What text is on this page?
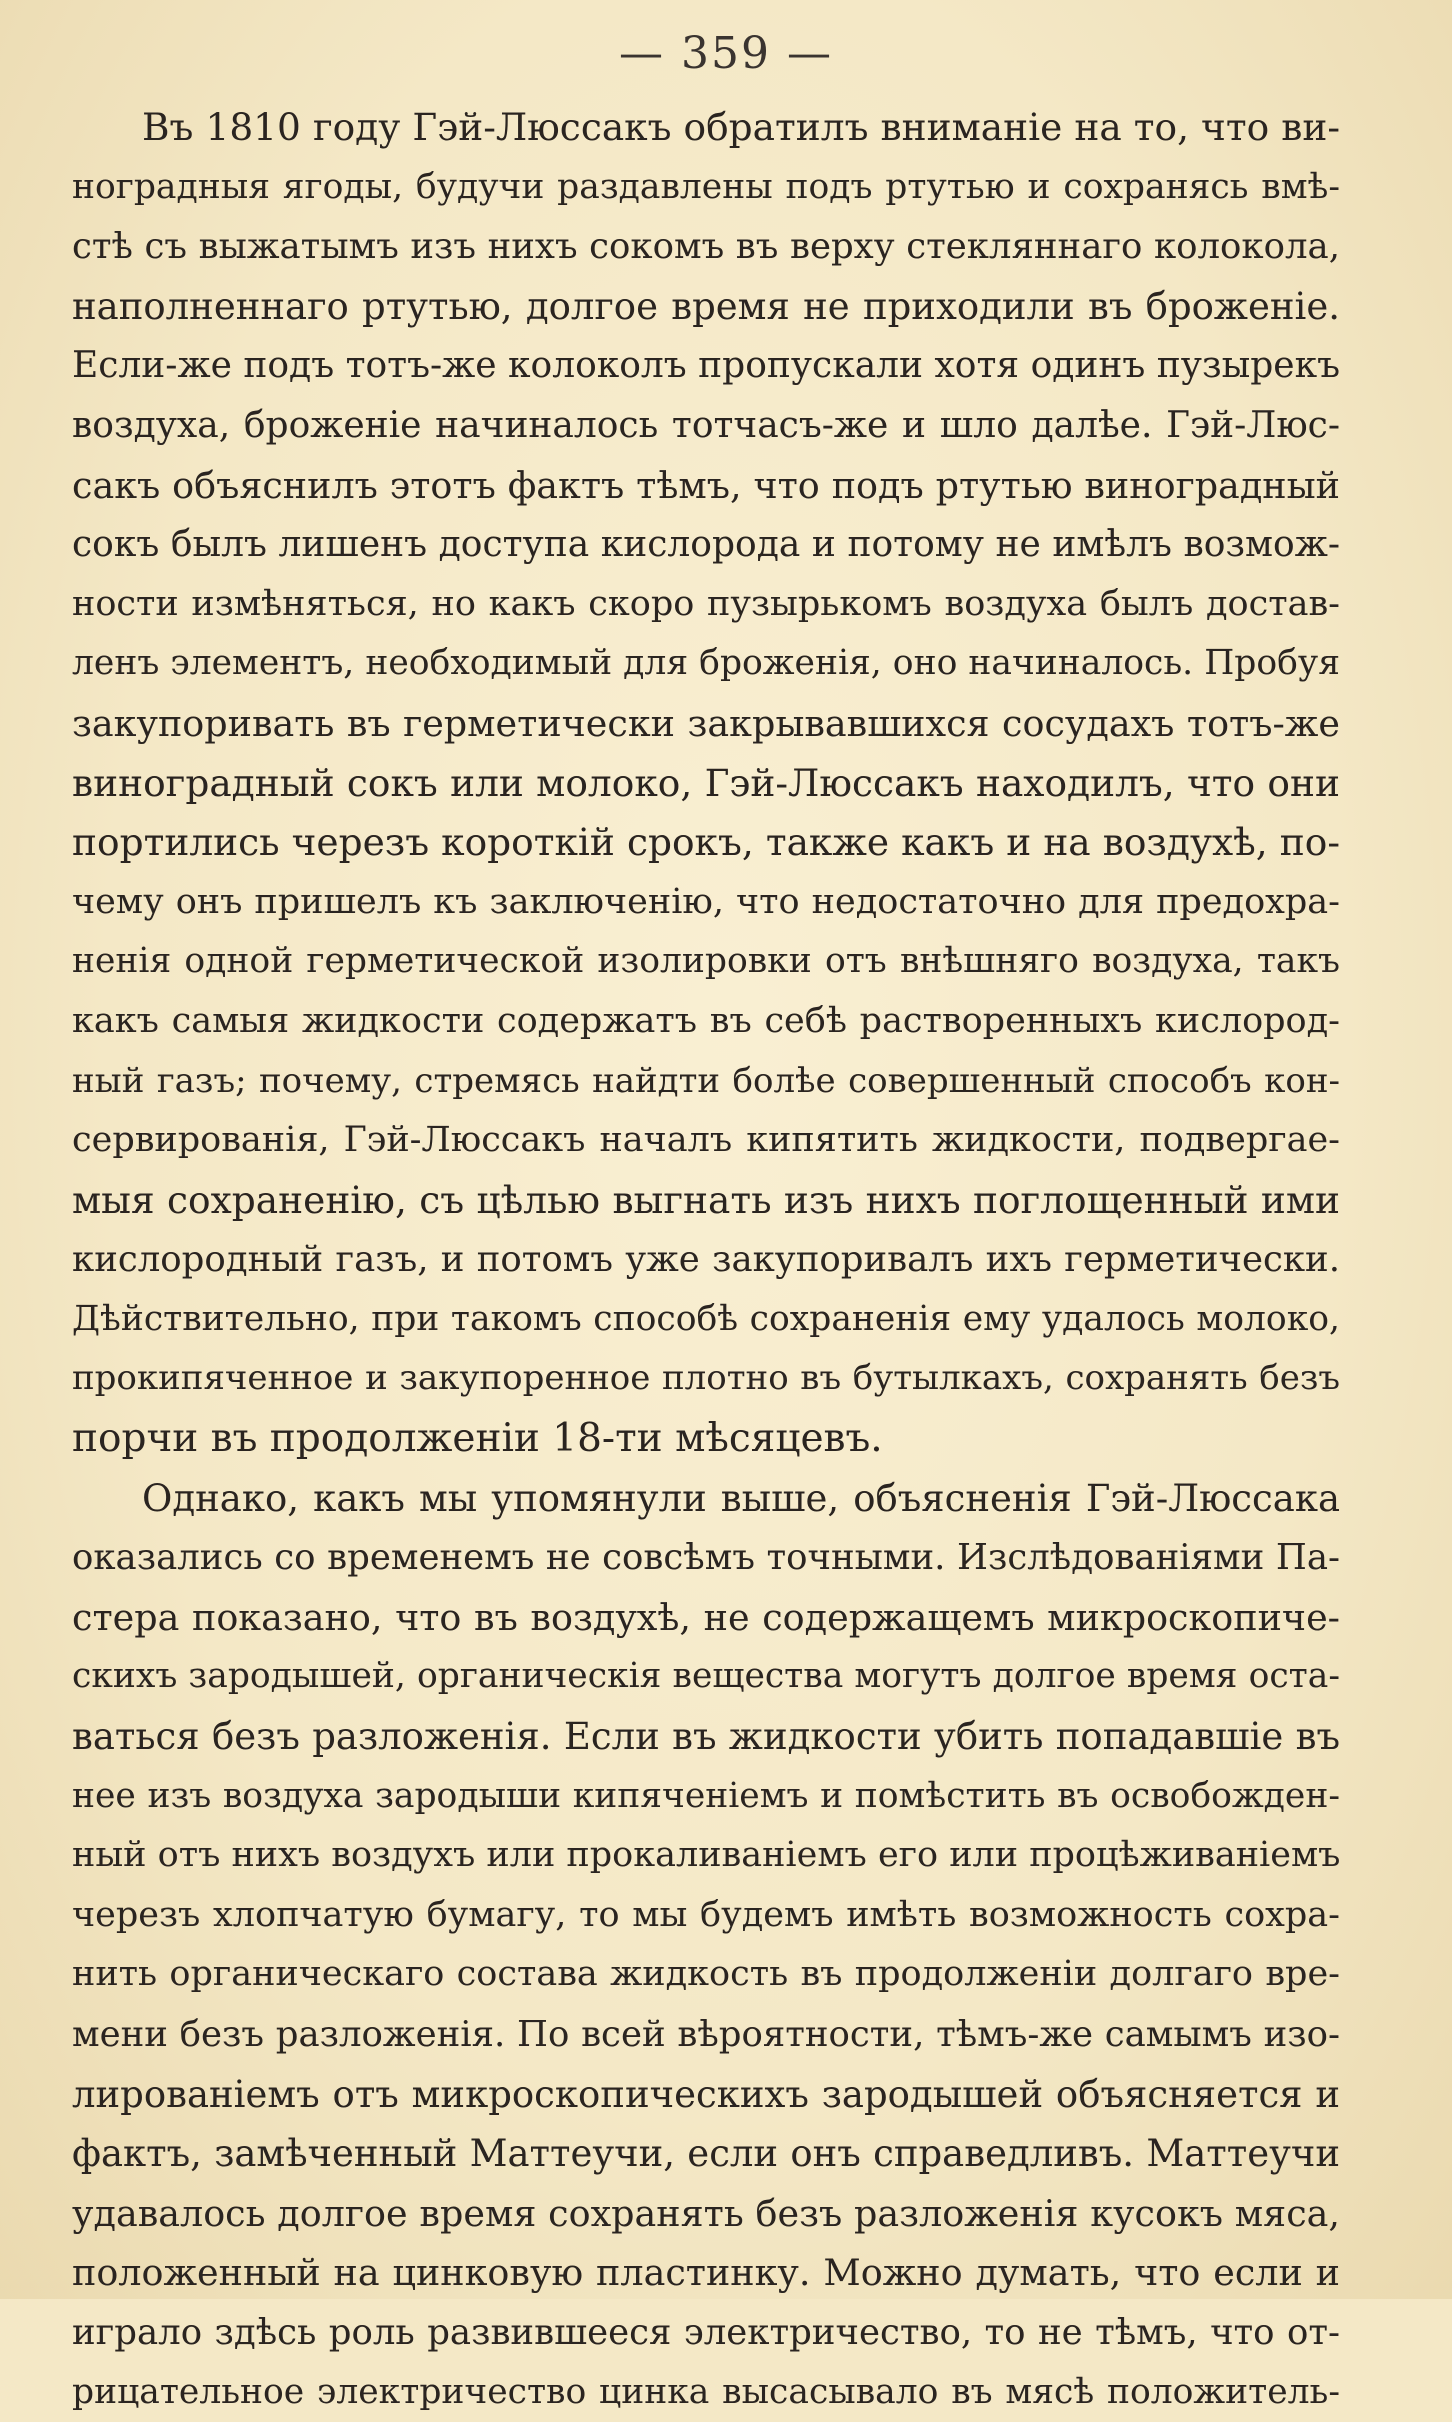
— 359 —
Въ 1810 году Гэй-Люссакъ обратилъ вниманіе на то, что ви-
ноградныя ягоды, будучи раздавлены подъ ртутью и сохранясь вмѣ-
стѣ съ выжатымъ изъ нихъ сокомъ въ верху стекляннаго колокола,
наполненнаго ртутью, долгое время не приходили въ броженіе.
Если-же подъ тотъ-же колоколъ пропускали хотя одинъ пузырекъ
воздуха, броженіе начиналось тотчасъ-же и шло далѣе. Гэй-Люс-
сакъ объяснилъ этотъ фактъ тѣмъ, что подъ ртутью виноградный
сокъ былъ лишенъ доступа кислорода и потому не имѣлъ возмож-
ности измѣняться, но какъ скоро пузырькомъ воздуха былъ достав-
ленъ элементъ, необходимый для броженія, оно начиналось. Пробуя
закупоривать въ герметически закрывавшихся сосудахъ тотъ-же
виноградный сокъ или молоко, Гэй-Люссакъ находилъ, что они
портились черезъ короткій срокъ, также какъ и на воздухѣ, по-
чему онъ пришелъ къ заключенію, что недостаточно для предохра-
ненія одной герметической изолировки отъ внѣшняго воздуха, такъ
какъ самыя жидкости содержатъ въ себѣ растворенныхъ кислород-
ный газъ; почему, стремясь найдти болѣе совершенный способъ кон-
сервированія, Гэй-Люссакъ началъ кипятить жидкости, подвергае-
мыя сохраненію, съ цѣлью выгнать изъ нихъ поглощенный ими
кислородный газъ, и потомъ уже закупоривалъ ихъ герметически.
Дѣйствительно, при такомъ способѣ сохраненія ему удалось молоко,
прокипяченное и закупоренное плотно въ бутылкахъ, сохранять безъ
порчи въ продолженіи 18-ти мѣсяцевъ.
Однако, какъ мы упомянули выше, объясненія Гэй-Люссака
оказались со временемъ не совсѣмъ точными. Изслѣдованіями Па-
стера показано, что въ воздухѣ, не содержащемъ микроскопиче-
скихъ зародышей, органическія вещества могутъ долгое время оста-
ваться безъ разложенія. Если въ жидкости убить попадавшіе въ
нее изъ воздуха зародыши кипяченіемъ и помѣстить въ освобожден-
ный отъ нихъ воздухъ или прокаливаніемъ его или процѣживаніемъ
черезъ хлопчатую бумагу, то мы будемъ имѣть возможность сохра-
нить органическаго состава жидкость въ продолженіи долгаго вре-
мени безъ разложенія. По всей вѣроятности, тѣмъ-же самымъ изо-
лированіемъ отъ микроскопическихъ зародышей объясняется и
фактъ, замѣченный Маттеучи, если онъ справедливъ. Маттеучи
удавалось долгое время сохранять безъ разложенія кусокъ мяса,
положенный на цинковую пластинку. Можно думать, что если и
играло здѣсь роль развившееся электричество, то не тѣмъ, что от-
рицательное электричество цинка высасывало въ мясѣ положитель-
